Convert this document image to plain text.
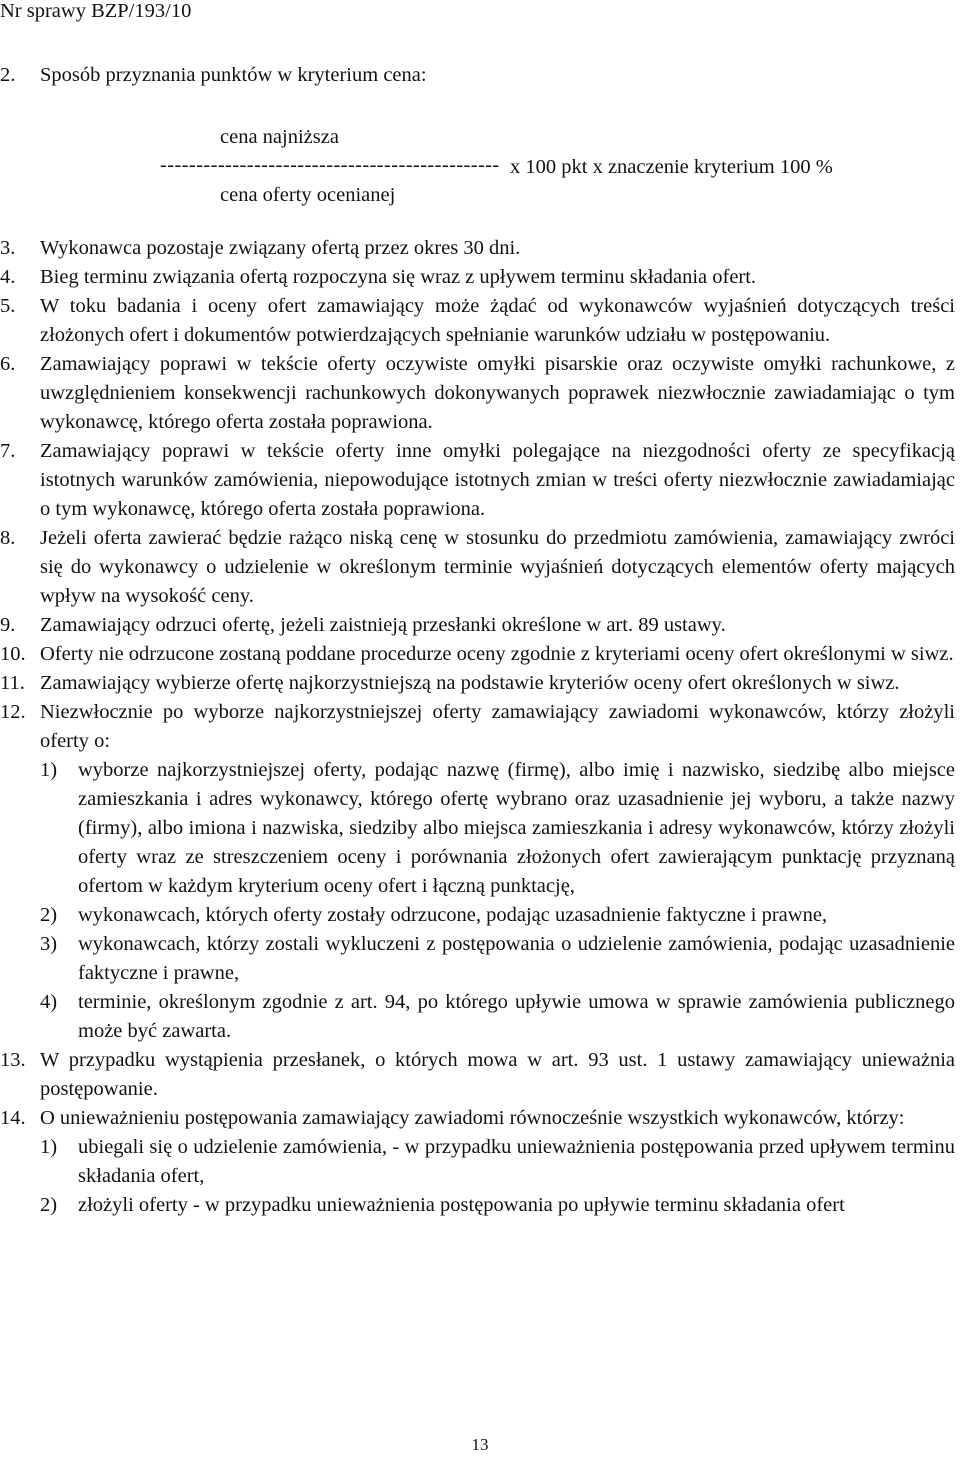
Nr sprawy BZP/193/10
2.	Sposób przyznania punktów w kryterium cena:
cena najniższa
----------------------------------------------- x 100 pkt x znaczenie kryterium 100 %
cena oferty ocenianej
3.	Wykonawca pozostaje związany ofertą przez okres 30 dni.
4.	Bieg terminu związania ofertą rozpoczyna się wraz z upływem terminu składania ofert.
5.	W toku badania i oceny ofert zamawiający może żądać od wykonawców wyjaśnień dotyczących treści złożonych ofert i dokumentów potwierdzających spełnianie warunków udziału w postępowaniu.
6.	Zamawiający poprawi w tekście oferty oczywiste omyłki pisarskie oraz oczywiste omyłki rachunkowe, z uwzględnieniem konsekwencji rachunkowych dokonywanych poprawek niezwłocznie zawiadamiając o tym wykonawcę, którego oferta została poprawiona.
7.	Zamawiający poprawi w tekście oferty inne omyłki polegające na niezgodności oferty ze specyfikacją istotnych warunków zamówienia, niepowodujące istotnych zmian w treści oferty niezwłocznie zawiadamiając o tym wykonawcę, którego oferta została poprawiona.
8.	Jeżeli oferta zawierać będzie rażąco niską cenę w stosunku do przedmiotu zamówienia, zamawiający zwróci się do wykonawcy o udzielenie w określonym terminie wyjaśnień dotyczących elementów oferty mających wpływ na wysokość ceny.
9.	Zamawiający odrzuci ofertę, jeżeli zaistnieją przesłanki określone w art. 89 ustawy.
10. Oferty nie odrzucone zostaną poddane procedurze oceny zgodnie z kryteriami oceny ofert określonymi w siwz.
11. Zamawiający wybierze ofertę najkorzystniejszą na podstawie kryteriów oceny ofert określonych w siwz.
12. Niezwłocznie po wyborze najkorzystniejszej oferty zamawiający zawiadomi wykonawców, którzy złożyli oferty o:
1)	wyborze najkorzystniejszej oferty, podając nazwę (firmę), albo imię i nazwisko, siedzibę albo miejsce zamieszkania i adres wykonawcy, którego ofertę wybrano oraz uzasadnienie jej wyboru, a także nazwy (firmy), albo imiona i nazwiska, siedziby albo miejsca zamieszkania i adresy wykonawców, którzy złożyli oferty wraz ze streszczeniem oceny i porównania złożonych ofert zawierającym punktację przyznaną ofertom w każdym kryterium oceny ofert i łączną punktację,
2)	wykonawcach, których oferty zostały odrzucone, podając uzasadnienie faktyczne i prawne,
3)	wykonawcach, którzy zostali wykluczeni z postępowania o udzielenie zamówienia, podając uzasadnienie faktyczne i prawne,
4)	terminie, określonym zgodnie z art. 94, po którego upływie umowa w sprawie zamówienia publicznego może być zawarta.
13. W przypadku wystąpienia przesłanek, o których mowa w art. 93 ust. 1 ustawy zamawiający unieważnia postępowanie.
14. O unieważnieniu postępowania zamawiający zawiadomi równocześnie wszystkich wykonawców, którzy:
1)	ubiegali się o udzielenie zamówienia, - w przypadku unieważnienia postępowania przed upływem terminu składania ofert,
2)	złożyli oferty - w przypadku unieważnienia postępowania po upływie terminu składania ofert
13
